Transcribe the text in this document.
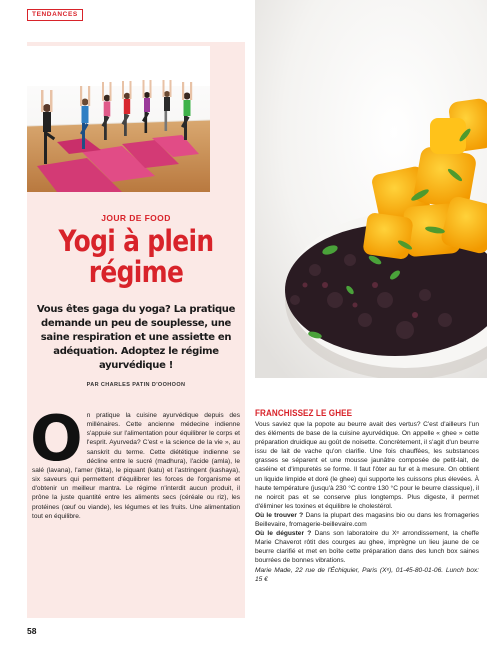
TENDANCES
JOUR DE FOOD
Yogi à plein
régime
Vous êtes gaga du yoga? La pratique demande un peu de souplesse, une saine respiration et une assiette en adéquation. Adoptez le régime ayurvédique !
PAR CHARLES PATIN D'OOHOON
O n pratique la cuisine ayurvédique depuis des millénaires. Cette ancienne médecine indienne s'appuie sur l'alimentation pour équilibrer le corps et l'esprit. Ayurveda? C'est « la science de la vie », au sanskrit du terme. Cette diététique indienne se décline entre le sucré (madhura), l'acide (amla), le salé (lavana), l'amer (tikta), le piquant (katu) et l'astringent (kashaya), six saveurs qui permettent d'équilibrer les forces de l'organisme et d'obtenir un meilleur mantra. Le régime n'interdit aucun produit, il prône la juste quantité entre les aliments secs (céréale ou riz), les protéines (œuf ou viande), les légumes et les fruits. Une alimentation tout en équilibre.
FRANCHISSEZ LE GHEE

Vous saviez que la popote au beurre avait des vertus? C'est d'ailleurs l'un des éléments de base de la cuisine ayurvédique. On appelle « ghee » cette préparation druidique au goût de noisette. Concrètement, il s'agit d'un beurre issu de lait de vache qu'on clarifie. Une fois chauffées, les substances grasses se séparent et une mousse jaunâtre composée de petit-lait, de caséine et d'impuretés se forme. Il faut l'ôter au fur et à mesure. On obtient un liquide limpide et doré (le ghee) qui supporte les cuissons plus élevées. À haute température (jusqu'à 230 °C contre 130 °C pour le beurre classique), il ne noircit pas et se conserve plus longtemps. Plus digeste, il permet d'éliminer les toxines et équilibre le cholestérol.

Où le trouver ? Dans la plupart des magasins bio ou dans les fromageries Beillevaire, fromagerie-beillevaire.com

Où le déguster ? Dans son laboratoire du Xᵉ arrondissement, la cheffe Marie Chaverot rôtit des courges au ghee, imprègne un lieu jaune de ce beurre clarifié et met en boîte cette préparation dans des lunch box saines bourrées de bonnes vibrations.

Marie Made, 22 rue de l'Échiquier, Paris (Xᵉ), 01-45-80-01-06. Lunch box: 15 €

58
